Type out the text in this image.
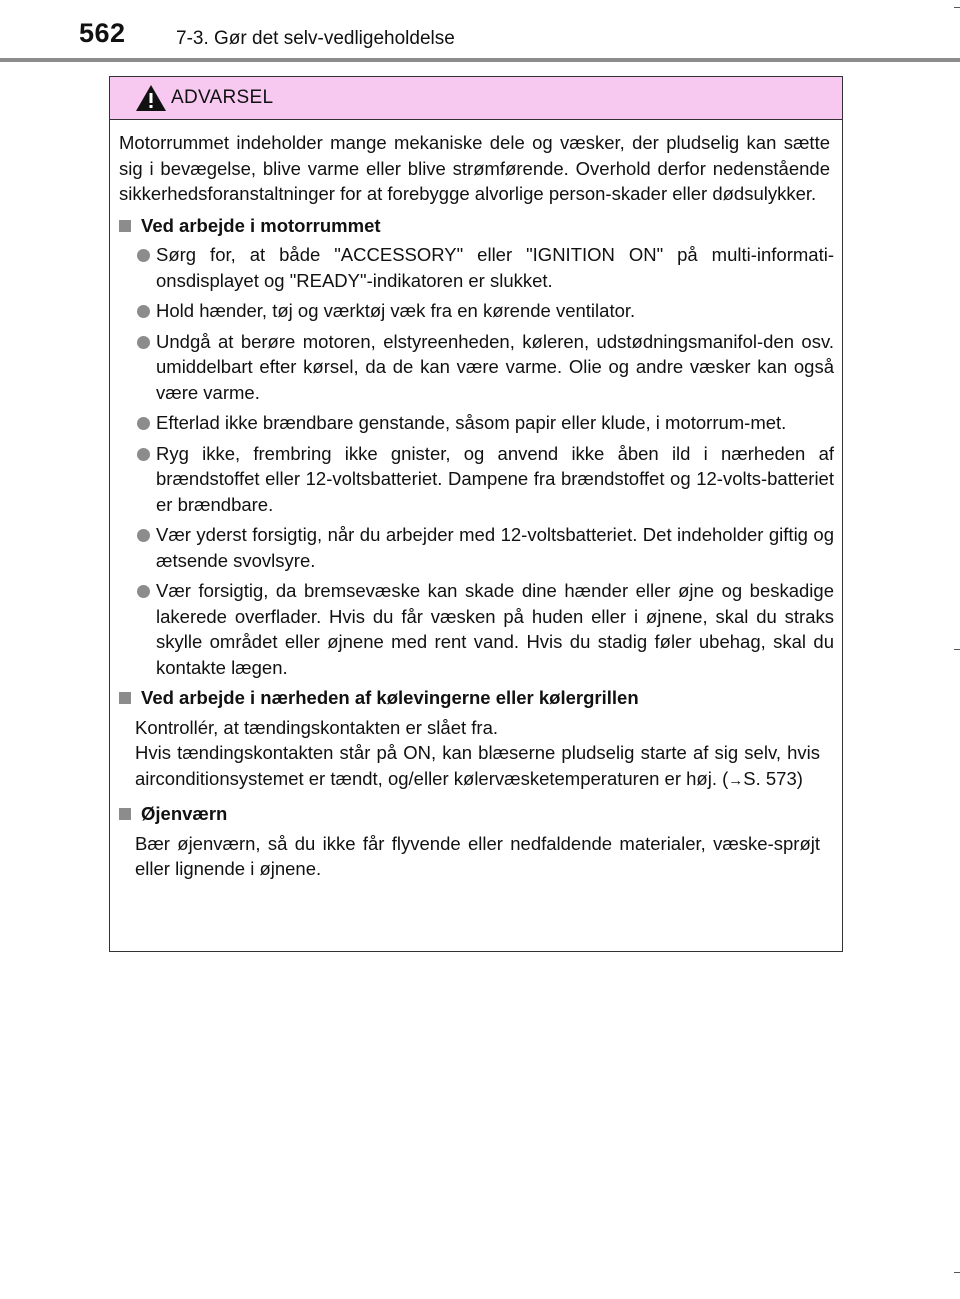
562	7-3. Gør det selv-vedligeholdelse
ADVARSEL
Motorrummet indeholder mange mekaniske dele og væsker, der pludselig kan sætte sig i bevægelse, blive varme eller blive strømførende. Overhold derfor nedenstående sikkerhedsforanstaltninger for at forebygge alvorlige person-skader eller dødsulykker.
Ved arbejde i motorrummet
Sørg for, at både "ACCESSORY" eller "IGNITION ON" på multi-informati-onsdisplayet og "READY"-indikatoren er slukket.
Hold hænder, tøj og værktøj væk fra en kørende ventilator.
Undgå at berøre motoren, elstyreenheden, køleren, udstødningsmanifol-den osv. umiddelbart efter kørsel, da de kan være varme. Olie og andre væsker kan også være varme.
Efterlad ikke brændbare genstande, såsom papir eller klude, i motorrum-met.
Ryg ikke, frembring ikke gnister, og anvend ikke åben ild i nærheden af brændstoffet eller 12-voltsbatteriet. Dampene fra brændstoffet og 12-volts-batteriet er brændbare.
Vær yderst forsigtig, når du arbejder med 12-voltsbatteriet. Det indeholder giftig og ætsende svovlsyre.
Vær forsigtig, da bremsevæske kan skade dine hænder eller øjne og beskadige lakerede overflader. Hvis du får væsken på huden eller i øjnene, skal du straks skylle området eller øjnene med rent vand. Hvis du stadig føler ubehag, skal du kontakte lægen.
Ved arbejde i nærheden af kølevingerne eller kølergrillen
Kontrollér, at tændingskontakten er slået fra.
Hvis tændingskontakten står på ON, kan blæserne pludselig starte af sig selv, hvis airconditionsystemet er tændt, og/eller kølervæsketemperaturen er høj. (→S. 573)
Øjenværn
Bær øjenværn, så du ikke får flyvende eller nedfaldende materialer, væske-sprøjt eller lignende i øjnene.
